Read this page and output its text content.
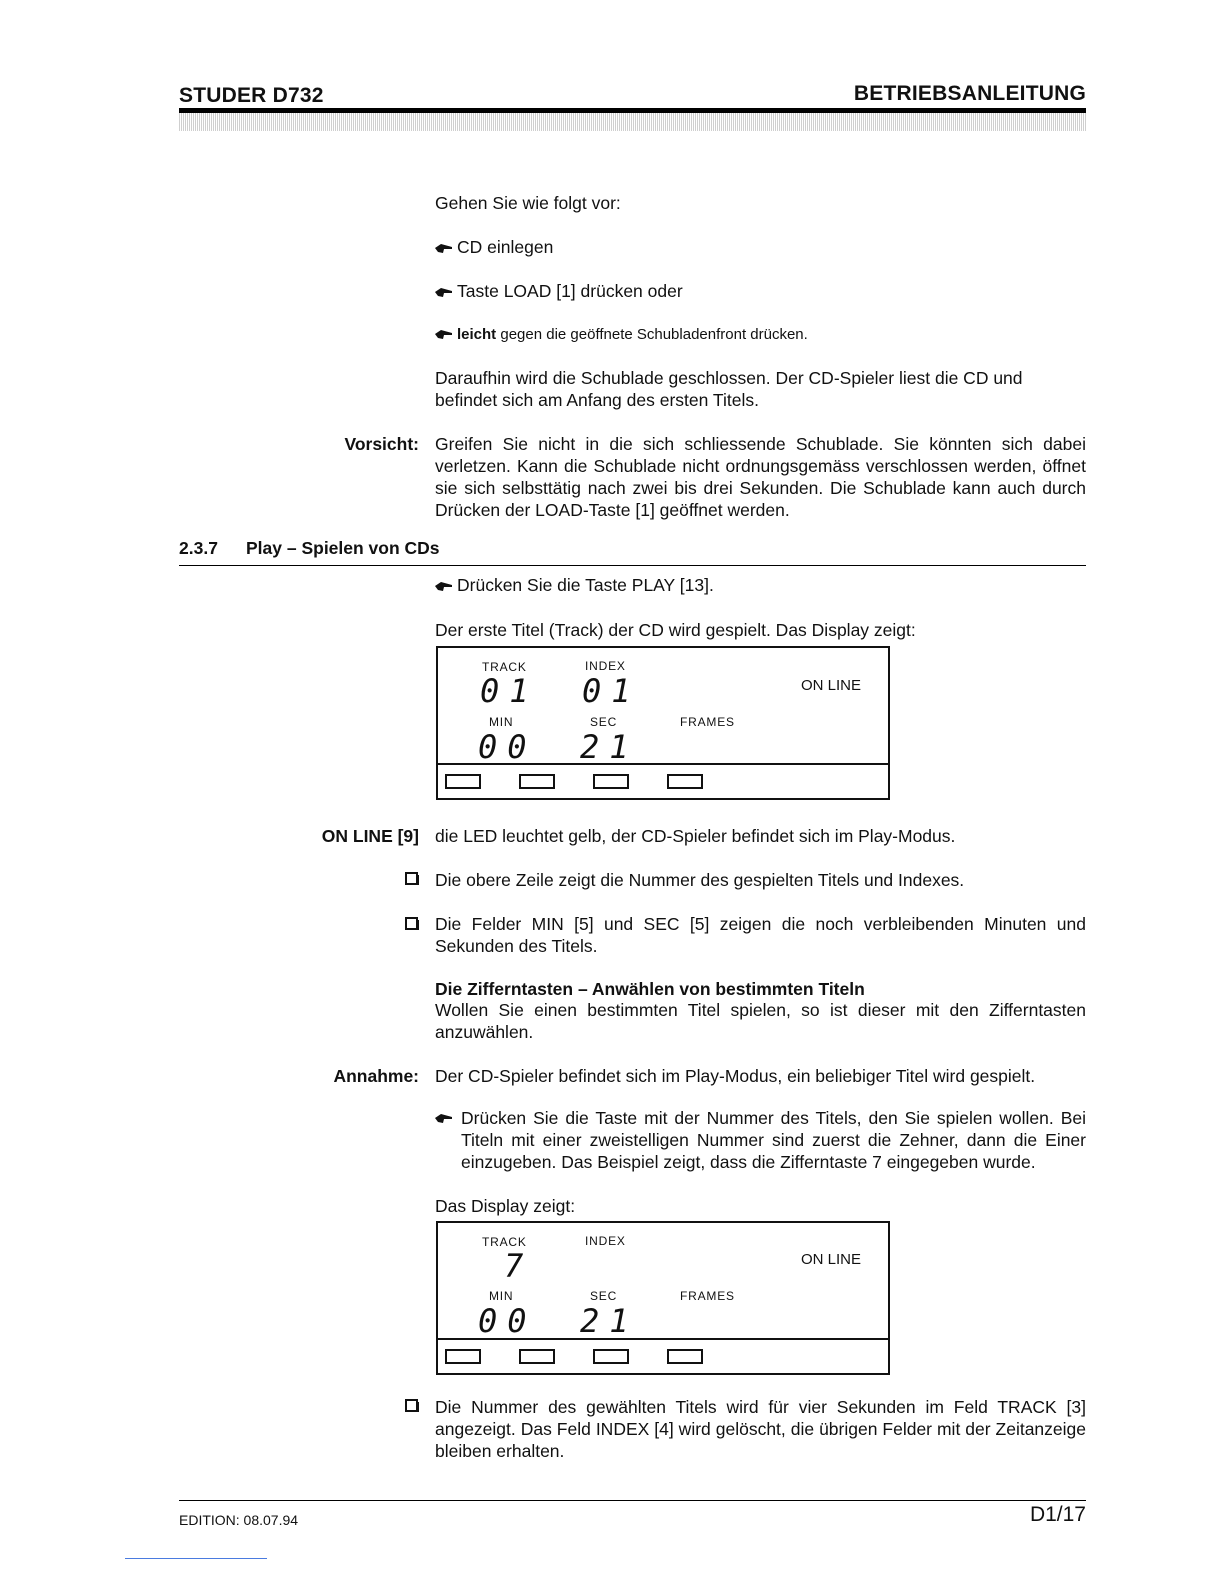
STUDER D732	BETRIEBSANLEITUNG
Gehen Sie wie folgt vor:
CD einlegen
Taste LOAD [1] drücken oder
leicht gegen die geöffnete Schubladenfront drücken.
Daraufhin wird die Schublade geschlossen. Der CD-Spieler liest die CD und befindet sich am Anfang des ersten Titels.
Vorsicht: Greifen Sie nicht in die sich schliessende Schublade. Sie könnten sich dabei verletzen. Kann die Schublade nicht ordnungsgemäss verschlossen werden, öffnet sie sich selbsttätig nach zwei bis drei Sekunden. Die Schublade kann auch durch Drücken der LOAD-Taste [1] geöffnet werden.
2.3.7 Play – Spielen von CDs
Drücken Sie die Taste PLAY [13].
Der erste Titel (Track) der CD wird gespielt. Das Display zeigt:
TRACK	INDEX
ON LINE
01 01
MIN	SEC	FRAMES
00 21
ON LINE [9] die LED leuchtet gelb, der CD-Spieler befindet sich im Play-Modus.
Die obere Zeile zeigt die Nummer des gespielten Titels und Indexes.
Die Felder MIN [5] und SEC [5] zeigen die noch verbleibenden Minuten und Sekunden des Titels.
Die Zifferntasten – Anwählen von bestimmten Titeln
Wollen Sie einen bestimmten Titel spielen, so ist dieser mit den Zifferntasten anzuwählen.
Annahme: Der CD-Spieler befindet sich im Play-Modus, ein beliebiger Titel wird gespielt.
Drücken Sie die Taste mit der Nummer des Titels, den Sie spielen wollen. Bei Titeln mit einer zweistelligen Nummer sind zuerst die Zehner, dann die Einer einzugeben. Das Beispiel zeigt, dass die Zifferntaste 7 eingegeben wurde.
Das Display zeigt:
TRACK	INDEX
ON LINE
7
MIN	SEC	FRAMES
00 21
Die Nummer des gewählten Titels wird für vier Sekunden im Feld TRACK [3] angezeigt. Das Feld INDEX [4] wird gelöscht, die übrigen Felder mit der Zeitanzeige bleiben erhalten.
EDITION: 08.07.94	D1/17
